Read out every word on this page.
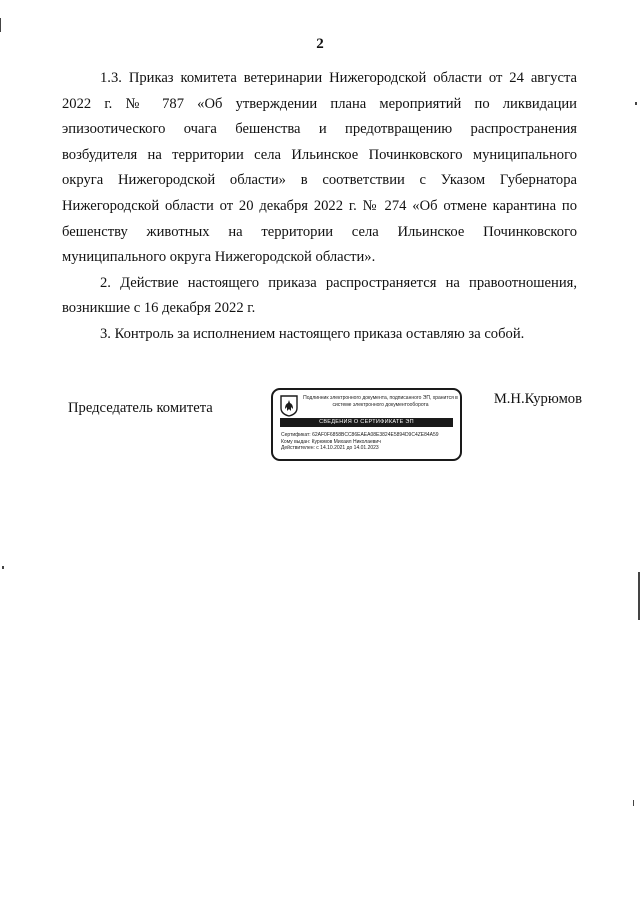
2

1.3. Приказ комитета ветеринарии Нижегородской области от 24 августа 2022 г. № 787 «Об утверждении плана мероприятий по ликвидации эпизоотического очага бешенства и предотвращению распространения возбудителя на территории села Ильинское Починковского муниципального округа Нижегородской области» в соответствии с Указом Губернатора Нижегородской области от 20 декабря 2022 г. № 274 «Об отмене карантина по бешенству животных на территории села Ильинское Починковского муниципального округа Нижегородской области».

2. Действие настоящего приказа распространяется на правоотношения, возникшие с 16 декабря 2022 г.

3. Контроль за исполнением настоящего приказа оставляю за собой.

Председатель комитета
Подлинник электронного документа, подписанного ЭП, хранится в системе электронного документооборота
СВЕДЕНИЯ О СЕРТИФИКАТЕ ЭП
Сертификат: 62AF0F6858BCC86EAEA08E3824E5894D9C4ZE84A59
Кому выдан: Курюмов Михаил Николаевич
Действителен: с 14.10.2021 до 14.01.2023
М.Н.Курюмов
